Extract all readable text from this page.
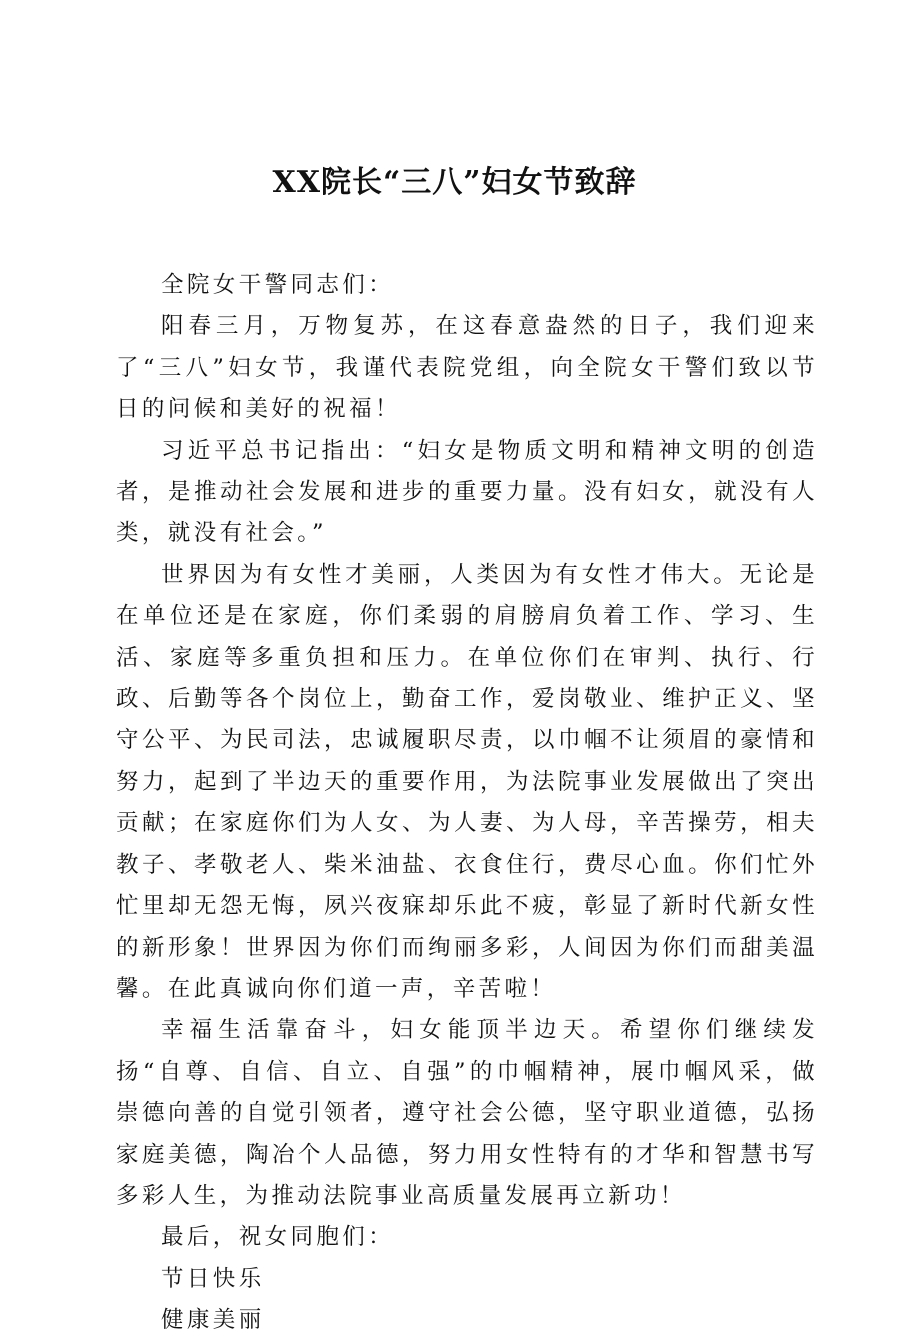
XX院长“三八”妇女节致辞

全院女干警同志们：

阳春三月，万物复苏，在这春意盎然的日子，我们迎来了“三八”妇女节，我谨代表院党组，向全院女干警们致以节日的问候和美好的祝福！

习近平总书记指出：“妇女是物质文明和精神文明的创造者，是推动社会发展和进步的重要力量。没有妇女，就没有人类，就没有社会。”

世界因为有女性才美丽，人类因为有女性才伟大。无论是在单位还是在家庭，你们柔弱的肩膀肩负着工作、学习、生活、家庭等多重负担和压力。在单位你们在审判、执行、行政、后勤等各个岗位上，勤奋工作，爱岗敬业、维护正义、坚守公平、为民司法，忠诚履职尽责，以巾帼不让须眉的豪情和努力，起到了半边天的重要作用，为法院事业发展做出了突出贡献；在家庭你们为人女、为人妻、为人母，辛苦操劳，相夫教子、孝敬老人、柴米油盐、衣食住行，费尽心血。你们忙外忙里却无怨无悔，夙兴夜寐却乐此不疲，彰显了新时代新女性的新形象！世界因为你们而绚丽多彩，人间因为你们而甜美温馨。在此真诚向你们道一声，辛苦啦！

幸福生活靠奋斗，妇女能顶半边天。希望你们继续发扬“自尊、自信、自立、自强”的巾帼精神，展巾帼风采，做崇德向善的自觉引领者，遵守社会公德，坚守职业道德，弘扬家庭美德，陶冶个人品德，努力用女性特有的才华和智慧书写多彩人生，为推动法院事业高质量发展再立新功！

最后，祝女同胞们：

节日快乐

健康美丽
